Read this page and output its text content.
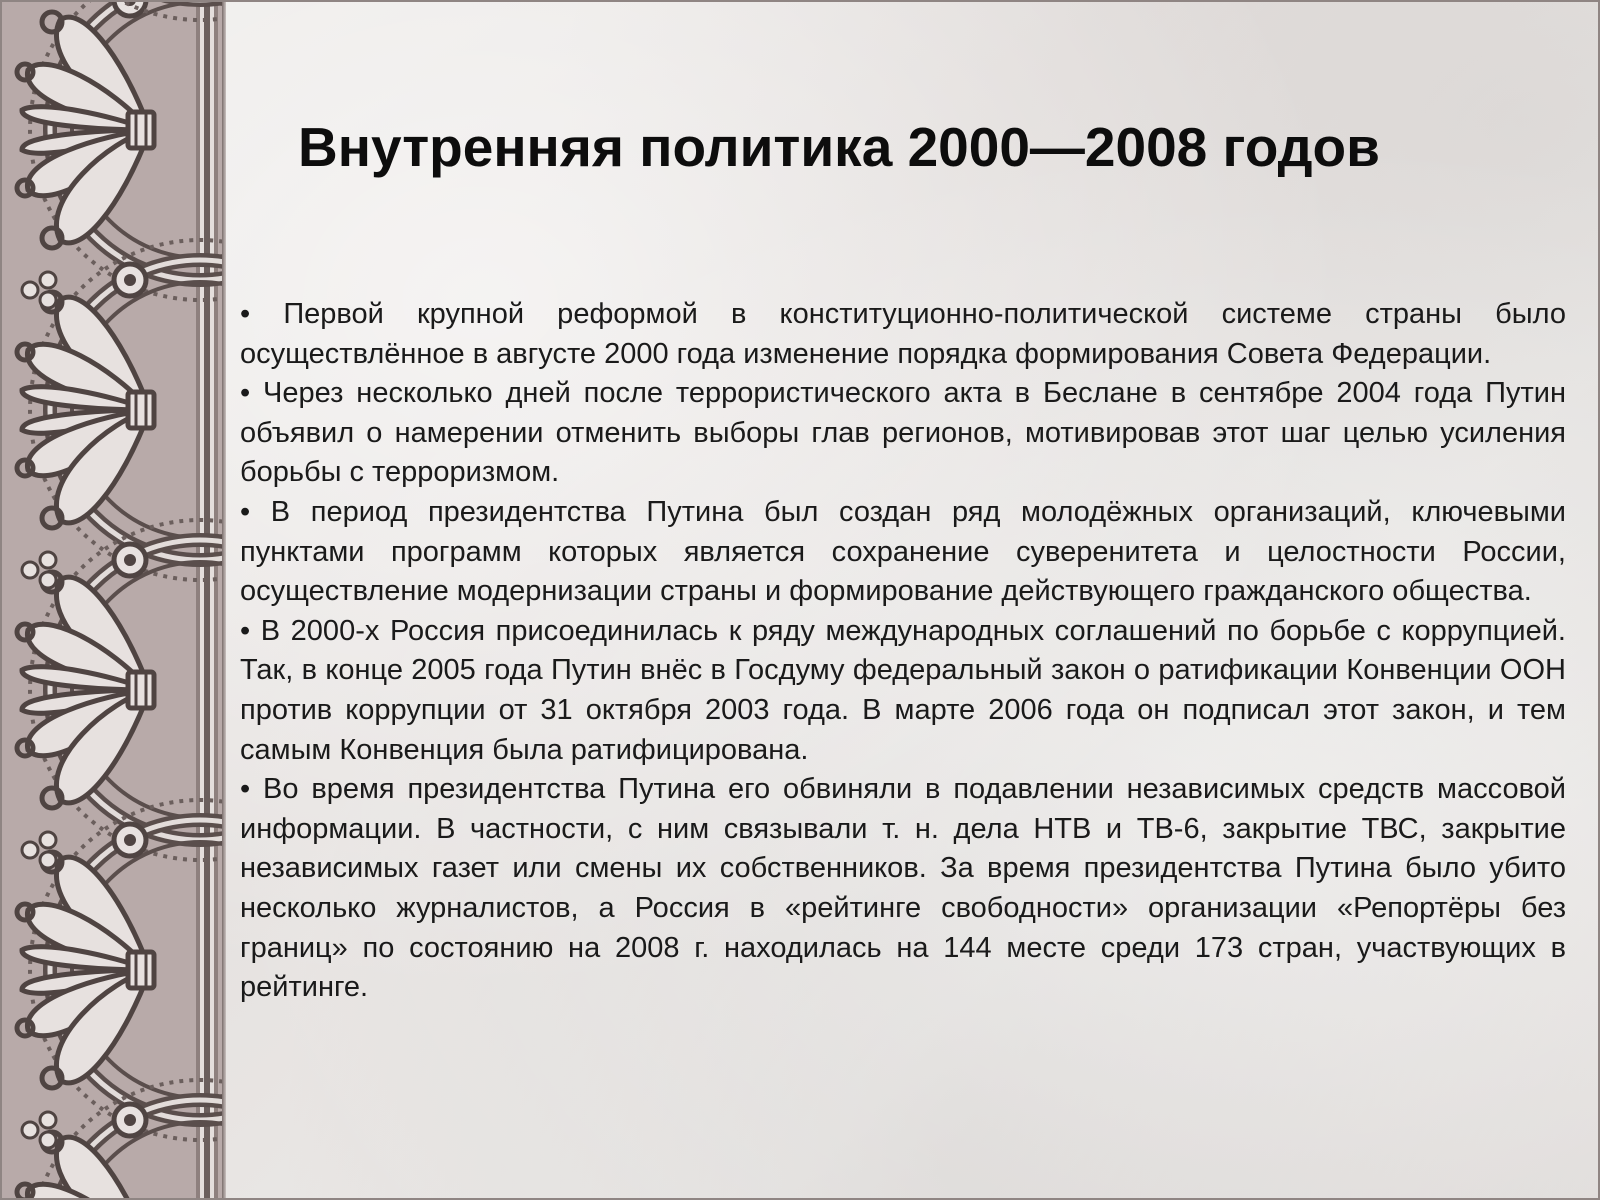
Внутренняя политика 2000—2008 годов
• Первой крупной реформой в конституционно-политической системе страны было осуществлённое в августе 2000 года изменение порядка формирования Совета Федерации.
• Через несколько дней после террористического акта в Беслане в сентябре 2004 года Путин объявил о намерении отменить выборы глав регионов, мотивировав этот шаг целью усиления борьбы с терроризмом.
• В период президентства Путина был создан ряд молодёжных организаций, ключевыми пунктами программ которых является сохранение суверенитета и целостности России, осуществление модернизации страны и формирование действующего гражданского общества.
• В 2000-х Россия присоединилась к ряду международных соглашений по борьбе с коррупцией. Так, в конце 2005 года Путин внёс в Госдуму федеральный закон о ратификации Конвенции ООН против коррупции от 31 октября 2003 года. В марте 2006 года он подписал этот закон, и тем самым Конвенция была ратифицирована.
• Во время президентства Путина его обвиняли в подавлении независимых средств массовой информации. В частности, с ним связывали т. н. дела НТВ и ТВ-6, закрытие ТВС, закрытие независимых газет или смены их собственников. За время президентства Путина было убито несколько журналистов, а Россия в «рейтинге свободности» организации «Репортёры без границ» по состоянию на 2008 г. находилась на 144 месте среди 173 стран, участвующих в рейтинге.
